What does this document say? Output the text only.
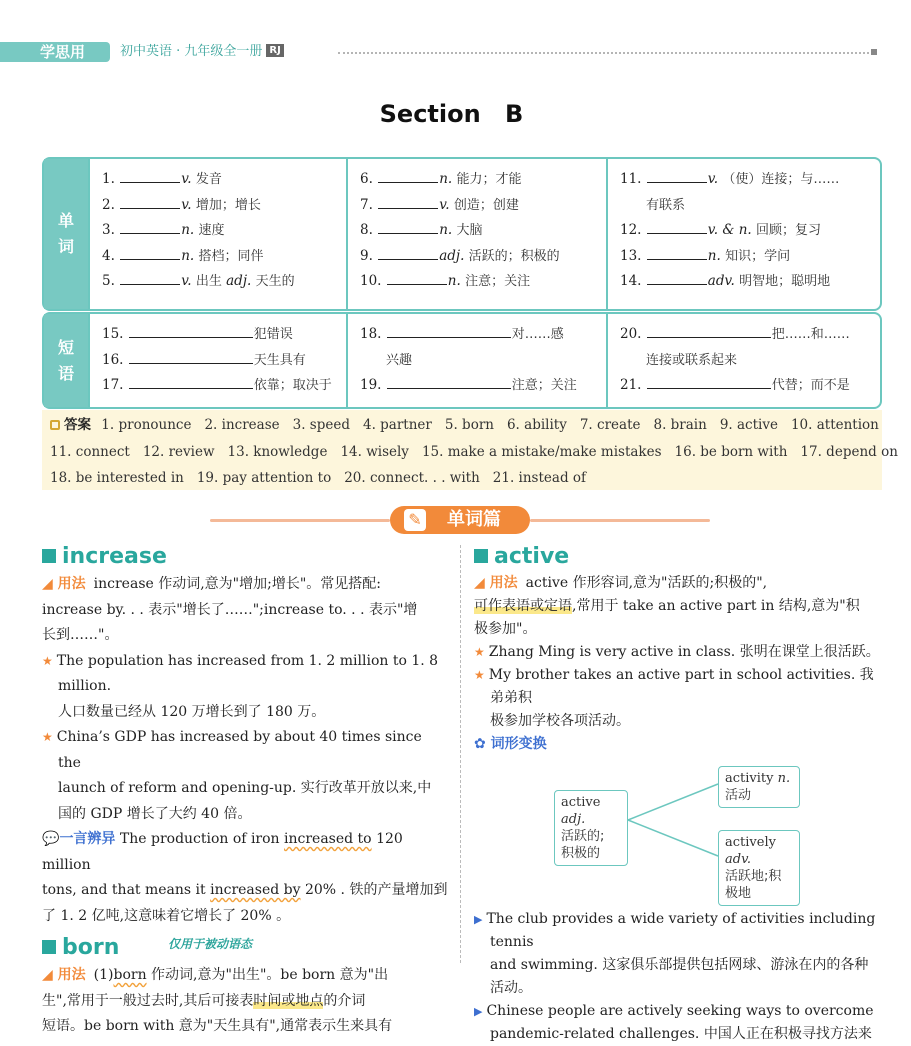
学思用	初中英语 · 九年级全一册 RJ
Section B
单
词
1.	v. 发音
2.	v. 增加；增长
3.	n. 速度
4.	n. 搭档；同伴
5.	v. 出生 adj. 天生的
6.	n. 能力；才能
7.	v. 创造；创建
8.	n. 大脑
9.	adj. 活跃的；积极的
10.	n. 注意；关注
11.	v. （使）连接；与……
有联系
12.	v. & n. 回顾；复习
13.	n. 知识；学问
14.	adv. 明智地；聪明地
短
语
15.	犯错误
16.	天生具有
17.	依靠；取决于
18.	对……感
兴趣
19.	注意；关注
20.	把……和……
连接或联系起来
21.	代替；而不是
答案 1. pronounce 2. increase 3. speed 4. partner 5. born 6. ability 7. create 8. brain 9. active 10. attention
11. connect 12. review 13. knowledge 14. wisely 15. make a mistake/make mistakes 16. be born with 17. depend on
18. be interested in 19. pay attention to 20. connect. . . with 21. instead of
✎ 单词篇
increase
◢ 用法 increase 作动词,意为"增加;增长"。常见搭配:
increase by. . . 表示"增长了……";increase to. . . 表示"增
长到……"。
★ The population has increased from 1. 2 million to 1. 8 million.
人口数量已经从 120 万增长到了 180 万。
★ China’s GDP has increased by about 40 times since the
launch of reform and opening-up. 实行改革开放以来,中
国的 GDP 增长了大约 40 倍。
💬一言辨异 The production of iron increased to 120 million
tons, and that means it increased by 20% . 铁的产量增加到
了 1. 2 亿吨,这意味着它增长了 20% 。
born	仅用于被动语态
◢ 用法 (1)born 作动词,意为"出生"。be born 意为"出
生",常用于一般过去时,其后可接表时间或地点的介词
短语。be born with 意为"天生具有",通常表示生来具有
active
◢ 用法 active 作形容词,意为"活跃的;积极的",
可作表语或定语,常用于 take an active part in 结构,意为"积
极参加"。
★ Zhang Ming is very active in class. 张明在课堂上很活跃。
★ My brother takes an active part in school activities. 我弟弟积
极参加学校各项活动。
✿ 词形变换
active adj.
活跃的;
积极的
activity n.
活动
actively adv.
活跃地;积
极地
▶ The club provides a wide variety of activities including tennis
and swimming. 这家俱乐部提供包括网球、游泳在内的各种
活动。
▶ Chinese people are actively seeking ways to overcome
pandemic-related challenges. 中国人正在积极寻找方法来
